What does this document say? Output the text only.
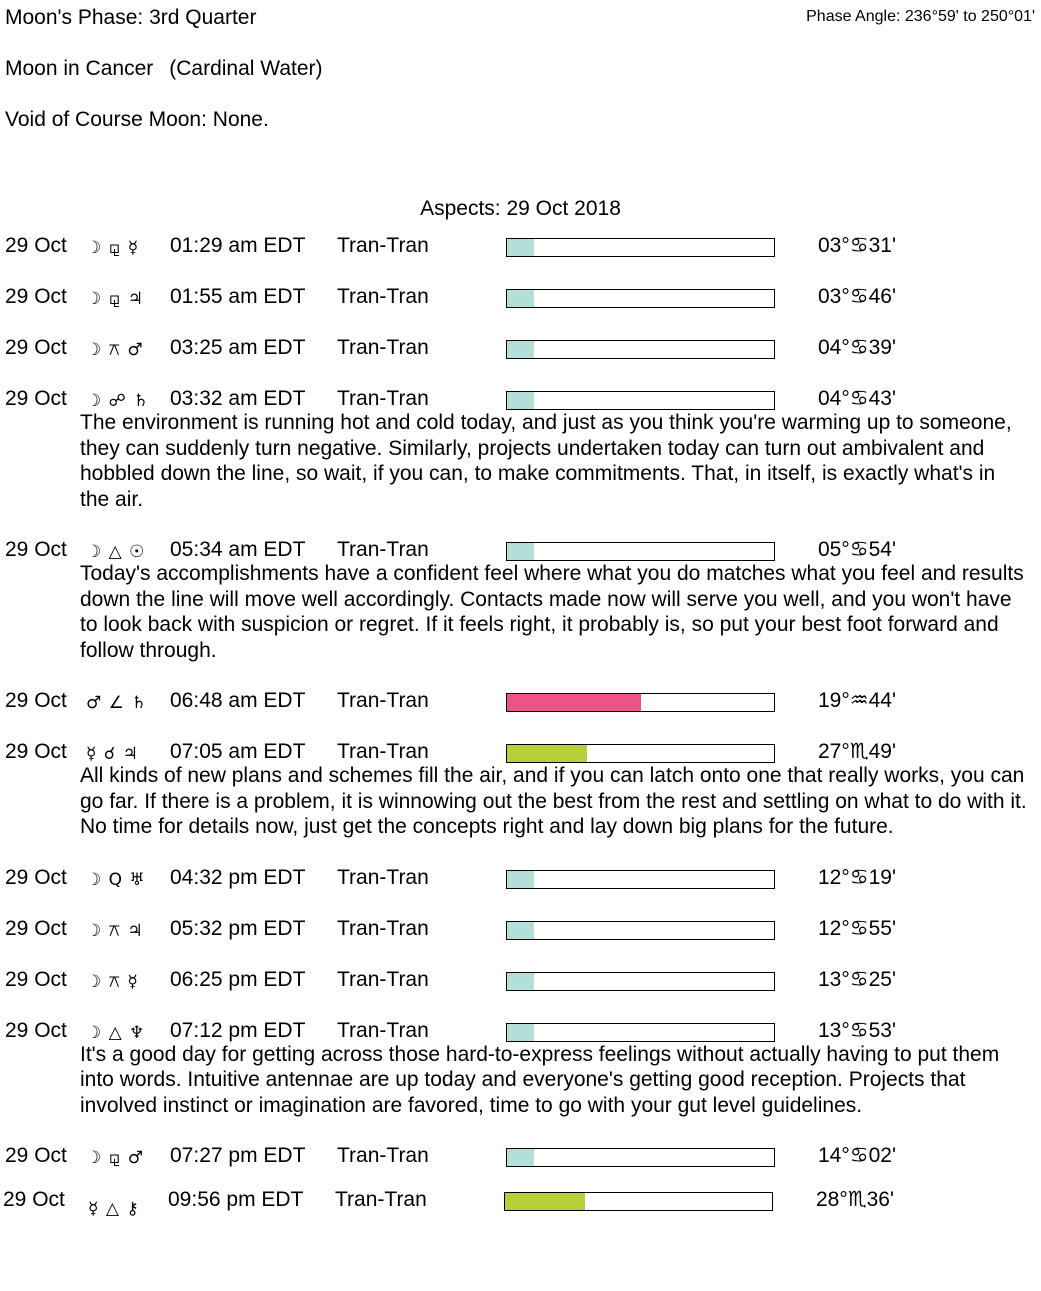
Moon's Phase: 3rd Quarter	Phase Angle: 236°59' to 250°01'
Moon in Cancer (Cardinal Water)
Void of Course Moon: None.
Aspects: 29 Oct 2018
29 Oct ☽ ⚼ ☿ 01:29 am EDT Tran-Tran	03°♋31'
29 Oct ☽ ⚼ ♃ 01:55 am EDT Tran-Tran	03°♋46'
29 Oct ☽ ⚻ ♂ 03:25 am EDT Tran-Tran	04°♋39'
29 Oct ☽ ☍ ♄ 03:32 am EDT Tran-Tran	04°♋43'
The environment is running hot and cold today, and just as you think you're warming up to someone, they can suddenly turn negative. Similarly, projects undertaken today can turn out ambivalent and hobbled down the line, so wait, if you can, to make commitments. That, in itself, is exactly what's in the air.
29 Oct ☽ △ ☉ 05:34 am EDT Tran-Tran	05°♋54'
Today's accomplishments have a confident feel where what you do matches what you feel and results down the line will move well accordingly. Contacts made now will serve you well, and you won't have to look back with suspicion or regret. If it feels right, it probably is, so put your best foot forward and follow through.
29 Oct ♂ ∠ ♄ 06:48 am EDT Tran-Tran	19°♒44'
29 Oct ☿ ☌ ♃ 07:05 am EDT Tran-Tran	27°♏49'
All kinds of new plans and schemes fill the air, and if you can latch onto one that really works, you can go far. If there is a problem, it is winnowing out the best from the rest and settling on what to do with it. No time for details now, just get the concepts right and lay down big plans for the future.
29 Oct ☽ Q ♅ 04:32 pm EDT Tran-Tran	12°♋19'
29 Oct ☽ ⚻ ♃ 05:32 pm EDT Tran-Tran	12°♋55'
29 Oct ☽ ⚻ ☿ 06:25 pm EDT Tran-Tran	13°♋25'
29 Oct ☽ △ ♆ 07:12 pm EDT Tran-Tran	13°♋53'
It's a good day for getting across those hard-to-express feelings without actually having to put them into words. Intuitive antennae are up today and everyone's getting good reception. Projects that involved instinct or imagination are favored, time to go with your gut level guidelines.
29 Oct ☽ ⚼ ♂ 07:27 pm EDT Tran-Tran	14°♋02'
29 Oct ☿ △ ⚷ 09:56 pm EDT Tran-Tran	28°♏36'
